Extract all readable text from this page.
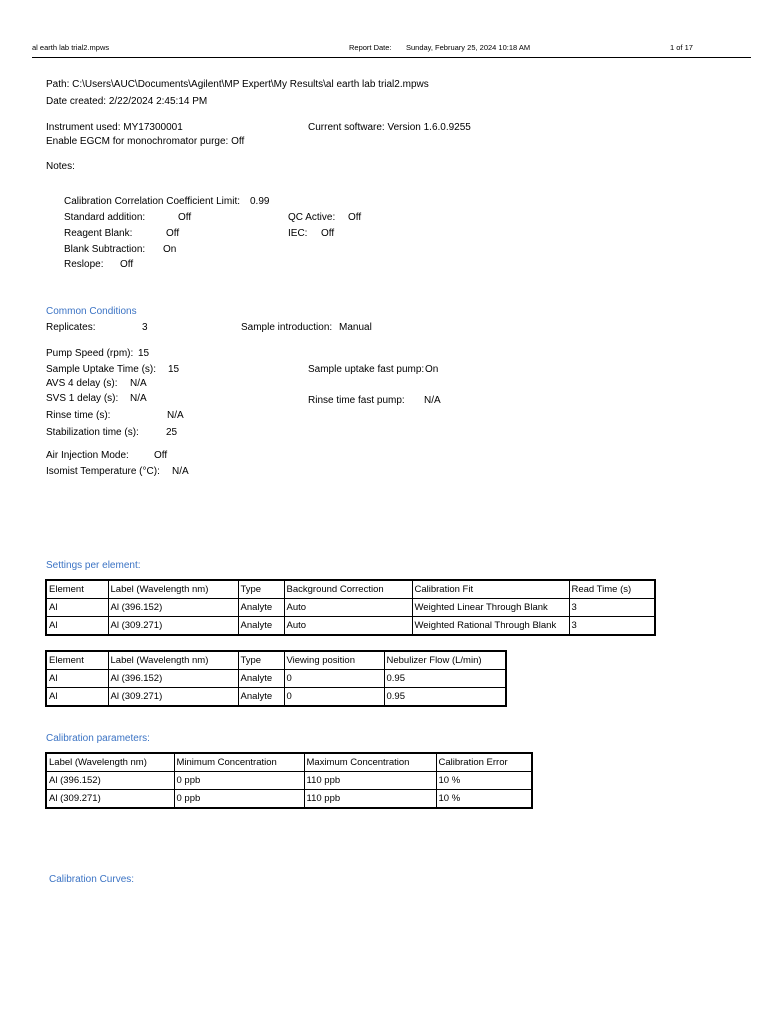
al earth lab trial2.mpws	Report Date: Sunday, February 25, 2024 10:18 AM	1 of 17
Path: C:\Users\AUC\Documents\Agilent\MP Expert\My Results\al earth lab trial2.mpws
Date created: 2/22/2024 2:45:14 PM
Instrument used: MY17300001	Current software: Version 1.6.0.9255
Enable EGCM for monochromator purge: Off
Notes:
Calibration Correlation Coefficient Limit: 0.99
Standard addition:	Off	QC Active: Off
Reagent Blank:	Off	IEC: Off
Blank Subtraction: On
Reslope: Off
Common Conditions
Replicates:	3	Sample introduction: Manual
Pump Speed (rpm): 15
Sample Uptake Time (s): 15	Sample uptake fast pump: On
AVS 4 delay (s): N/A
SVS 1 delay (s): N/A	Rinse time fast pump: N/A
Rinse time (s):	N/A
Stabilization time (s):	25
Air Injection Mode:	Off
Isomist Temperature (°C): N/A
Settings per element:
Element	Label (Wavelength nm)	Type	Background Correction	Calibration Fit	Read Time (s)
Al	Al (396.152)	Analyte	Auto	Weighted Linear Through Blank	3
Al	Al (309.271)	Analyte	Auto	Weighted Rational Through Blank	3
Element	Label (Wavelength nm)	Type	Viewing position	Nebulizer Flow (L/min)
Al	Al (396.152)	Analyte	0	0.95
Al	Al (309.271)	Analyte	0	0.95
Calibration parameters:
Label (Wavelength nm)	Minimum Concentration	Maximum Concentration	Calibration Error
Al (396.152)	0 ppb	110 ppb	10 %
Al (309.271)	0 ppb	110 ppb	10 %
Calibration Curves:
